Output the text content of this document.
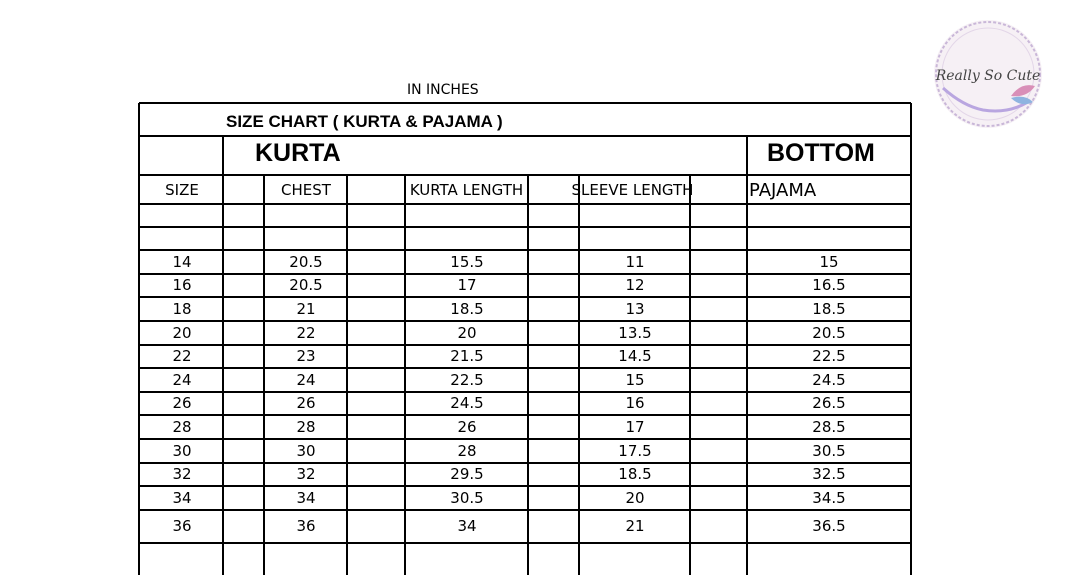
IN INCHES
SIZE CHART ( KURTA & PAJAMA )
KURTA	BOTTOM
SIZE	CHEST	KURTA LENGTH	SLEEVE LENGTH	PAJAMA
14	20.5	15.5	11	15
16	20.5	17	12	16.5
18	21	18.5	13	18.5
20	22	20	13.5	20.5
22	23	21.5	14.5	22.5
24	24	22.5	15	24.5
26	26	24.5	16	26.5
28	28	26	17	28.5
30	30	28	17.5	30.5
32	32	29.5	18.5	32.5
34	34	30.5	20	34.5
36	36	34	21	36.5
Really So Cute
